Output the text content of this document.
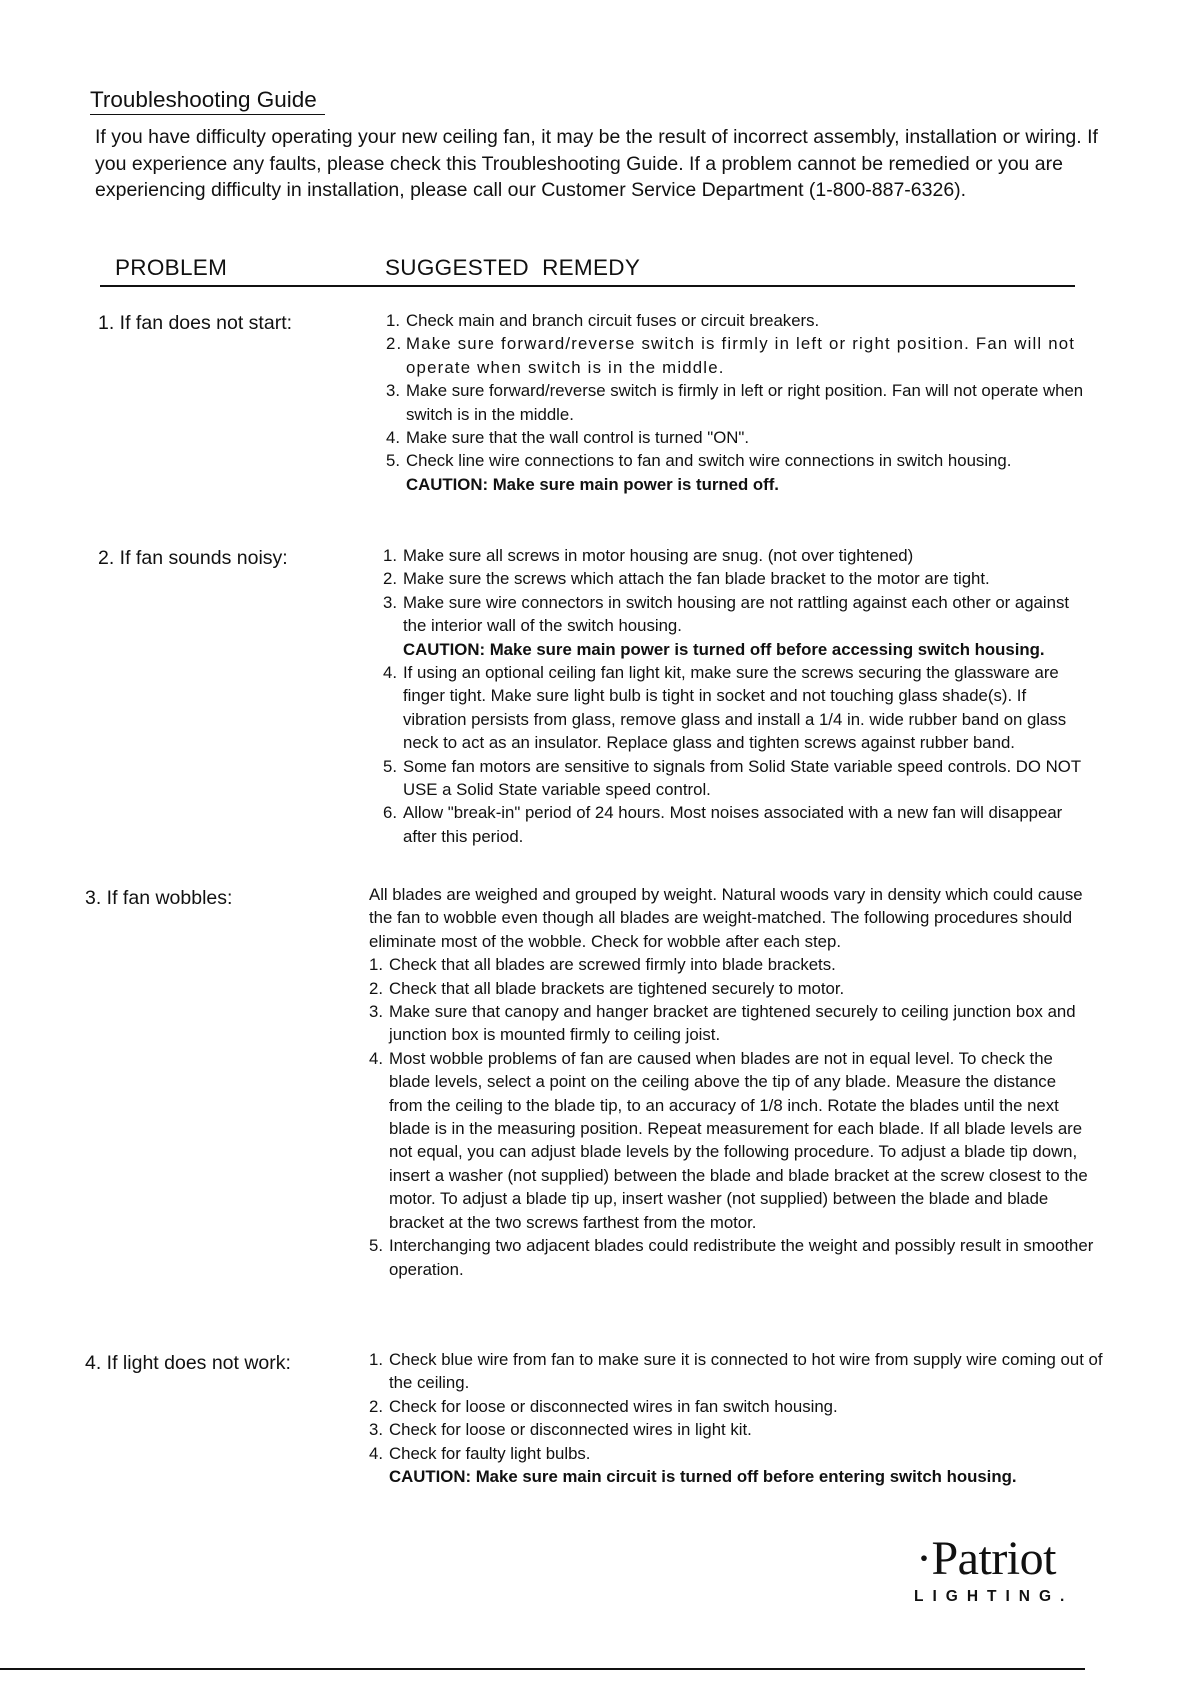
Troubleshooting Guide
If you have difficulty operating your new ceiling fan, it may be the result of incorrect assembly, installation or wiring. If you experience any faults, please check this Troubleshooting Guide. If a problem cannot be remedied or you are experiencing difficulty in installation, please call our Customer Service Department (1-800-887-6326).
PROBLEM	SUGGESTED  REMEDY
1. If fan does not start:	1. Check main and branch circuit fuses or circuit breakers.
2. Make sure forward/reverse switch is firmly in left or right position. Fan will not operate when switch is in the middle.
3. Make sure forward/reverse switch is firmly in left or right position. Fan will not operate when switch is in the middle.
4. Make sure that the wall control is turned "ON".
5. Check line wire connections to fan and switch wire connections in switch housing.
CAUTION: Make sure main power is turned off.
2. If fan sounds noisy:	1. Make sure all screws in motor housing are snug. (not over tightened)
2. Make sure the screws which attach the fan blade bracket to the motor are tight.
3. Make sure wire connectors in switch housing are not rattling against each other or against the interior wall of the switch housing.
CAUTION: Make sure main power is turned off before accessing switch housing.
4. If using an optional ceiling fan light kit, make sure the screws securing the glassware are finger tight. Make sure light bulb is tight in socket and not touching glass shade(s). If vibration persists from glass, remove glass and install a 1/4 in. wide rubber band on glass neck to act as an insulator. Replace glass and tighten screws against rubber band.
5. Some fan motors are sensitive to signals from Solid State variable speed controls. DO NOT USE a Solid State variable speed control.
6. Allow "break-in" period of 24 hours. Most noises associated with a new fan will disappear after this period.
3. If fan wobbles:	All blades are weighed and grouped by weight. Natural woods vary in density which could cause the fan to wobble even though all blades are weight-matched. The following procedures should eliminate most of the wobble. Check for wobble after each step.
1. Check that all blades are screwed firmly into blade brackets.
2. Check that all blade brackets are tightened securely to motor.
3. Make sure that canopy and hanger bracket are tightened securely to ceiling junction box and junction box is mounted firmly to ceiling joist.
4. Most wobble problems of fan are caused when blades are not in equal level. To check the blade levels, select a point on the ceiling above the tip of any blade. Measure the distance from the ceiling to the blade tip, to an accuracy of 1/8 inch. Rotate the blades until the next blade is in the measuring position. Repeat measurement for each blade. If all blade levels are not equal, you can adjust blade levels by the following procedure. To adjust a blade tip down, insert a washer (not supplied) between the blade and blade bracket at the screw closest to the motor. To adjust a blade tip up, insert washer (not supplied) between the blade and blade bracket at the two screws farthest from the motor.
5. Interchanging two adjacent blades could redistribute the weight and possibly result in smoother operation.
4. If light does not work:	1. Check blue wire from fan to make sure it is connected to hot wire from supply wire coming out of the ceiling.
2. Check for loose or disconnected wires in fan switch housing.
3. Check for loose or disconnected wires in light kit.
4. Check for faulty light bulbs.
CAUTION: Make sure main circuit is turned off before entering switch housing.
·Patriot
LIGHTING.
